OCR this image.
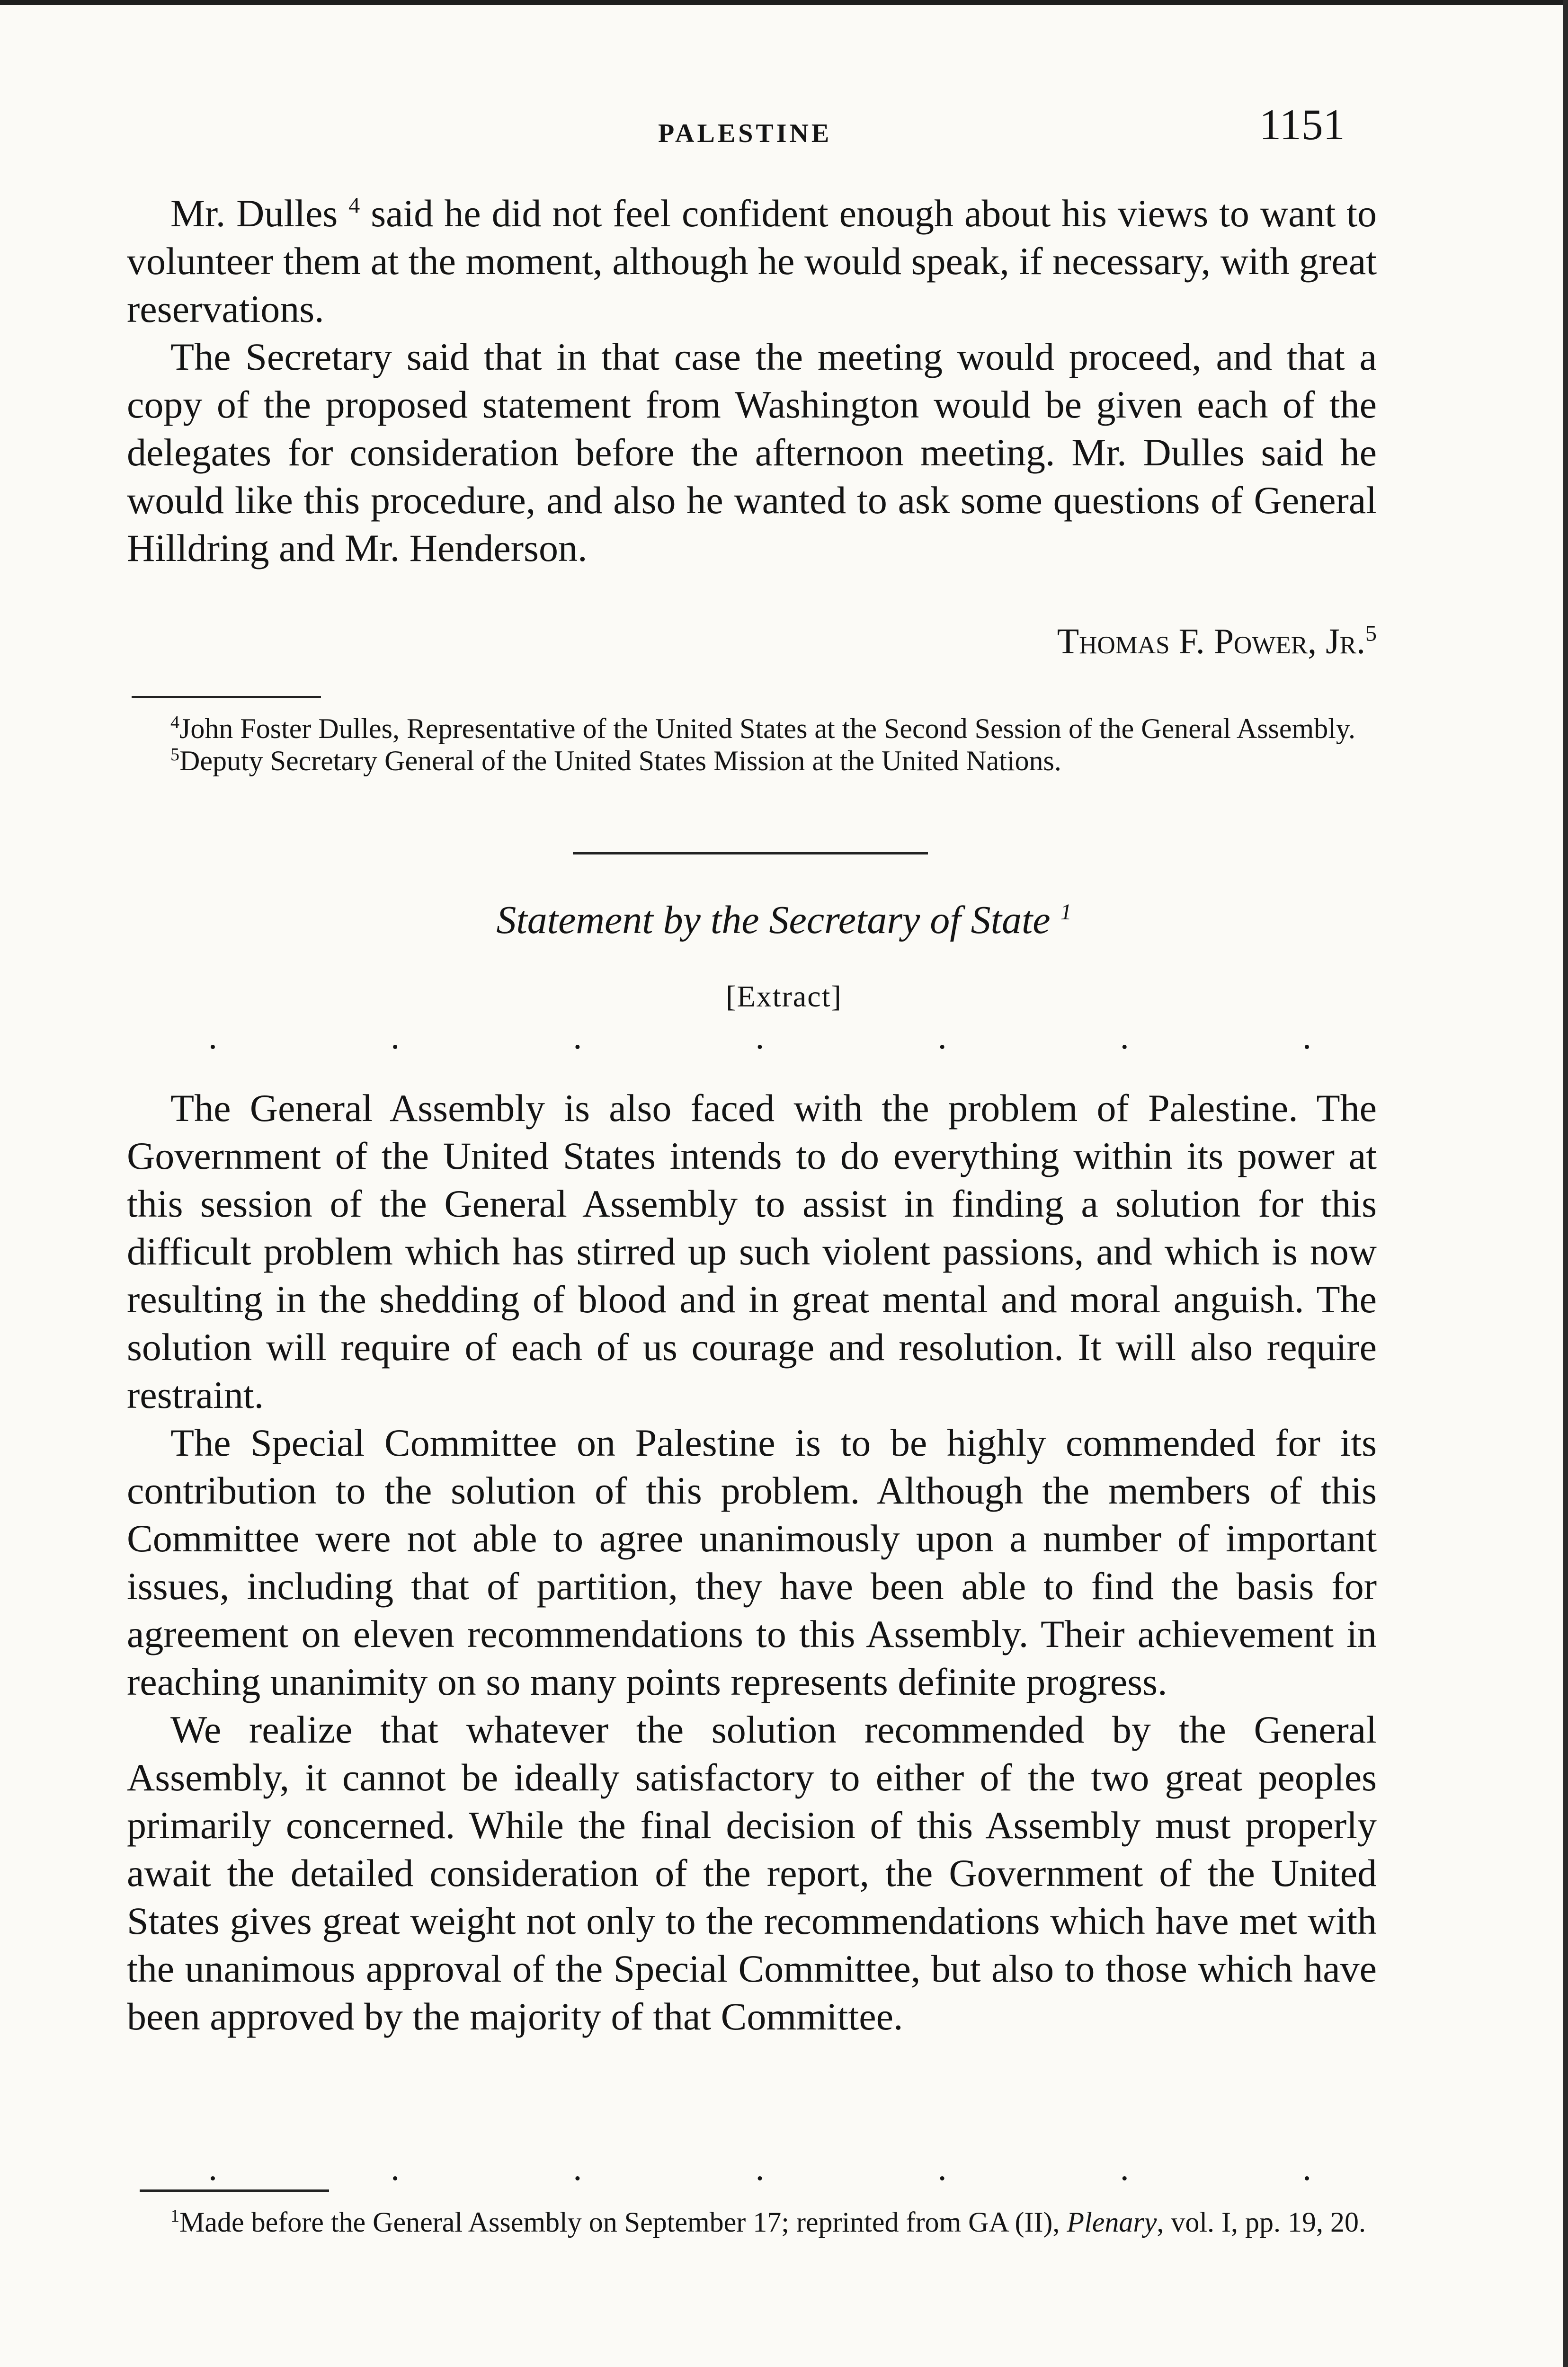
PALESTINE	1151

Mr. Dulles $^4$ said he did not feel confident enough about his views to want to volunteer them at the moment, although he would speak, if necessary, with great reservations.

The Secretary said that in that case the meeting would proceed, and that a copy of the proposed statement from Washington would be given each of the delegates for consideration before the afternoon meeting. Mr. Dulles said he would like this procedure, and also he wanted to ask some questions of General Hilldring and Mr. Henderson.

Thomas F. Power, Jr.$^5$

$^4$John Foster Dulles, Representative of the United States at the Second Session of the General Assembly.

$^5$Deputy Secretary General of the United States Mission at the United Nations.

Statement by the Secretary of State $^1$
[Extract]
.	.	.	.	.	.	.

The General Assembly is also faced with the problem of Palestine. The Government of the United States intends to do everything within its power at this session of the General Assembly to assist in finding a solution for this difficult problem which has stirred up such violent passions, and which is now resulting in the shedding of blood and in great mental and moral anguish. The solution will require of each of us courage and resolution. It will also require restraint.

The Special Committee on Palestine is to be highly commended for its contribution to the solution of this problem. Although the members of this Committee were not able to agree unanimously upon a number of important issues, including that of partition, they have been able to find the basis for agreement on eleven recommendations to this Assembly. Their achievement in reaching unanimity on so many points represents definite progress.

We realize that whatever the solution recommended by the General Assembly, it cannot be ideally satisfactory to either of the two great peoples primarily concerned. While the final decision of this Assembly must properly await the detailed consideration of the report, the Government of the United States gives great weight not only to the recommendations which have met with the unanimous approval of the Special Committee, but also to those which have been approved by the majority of that Committee.

.	.	.	.	.	.	.

$^1$Made before the General Assembly on September 17; reprinted from GA (II), Plenary, vol. I, pp. 19, 20.
